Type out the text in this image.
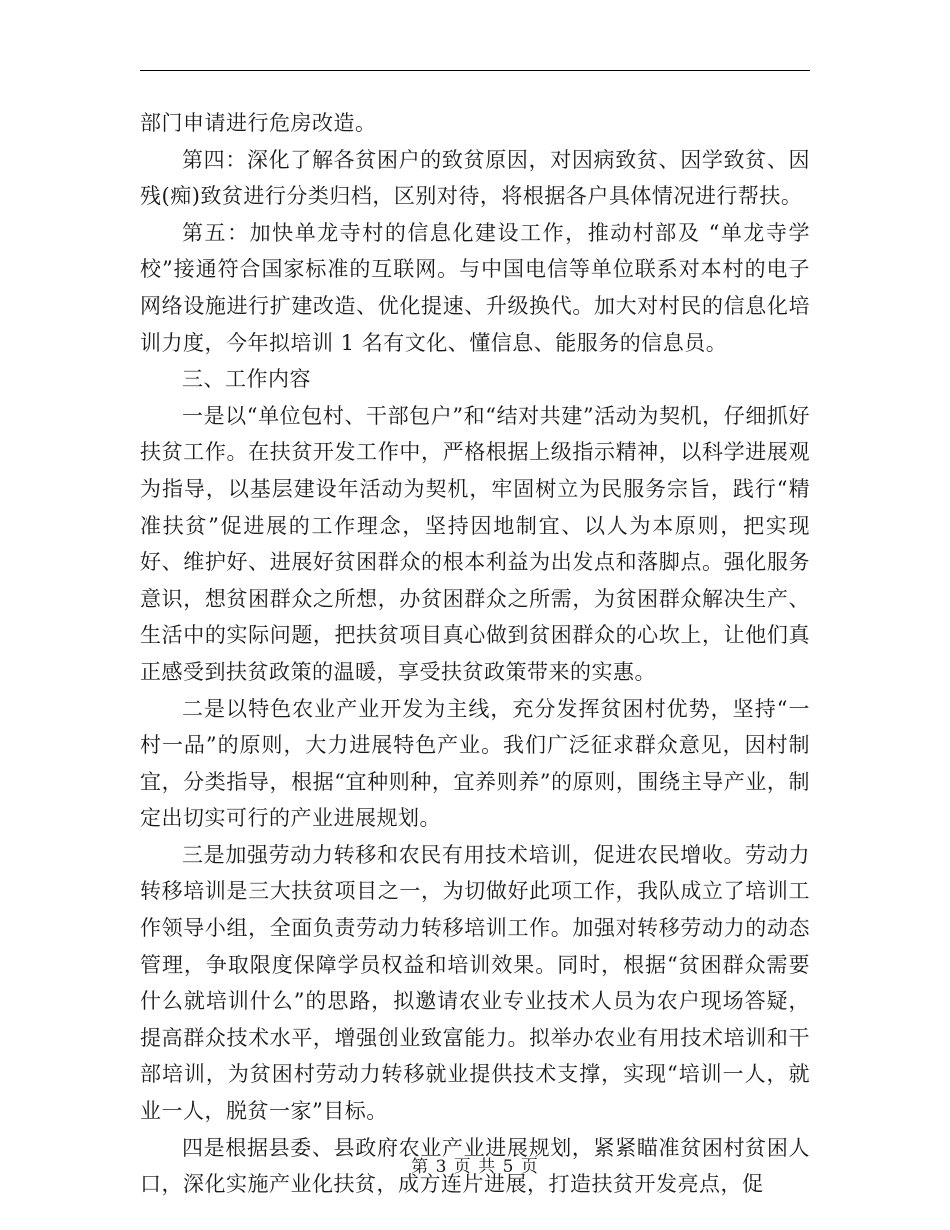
部门申请进行危房改造。

第四：深化了解各贫困户的致贫原因，对因病致贫、因学致贫、因残(痴)致贫进行分类归档，区别对待，将根据各户具体情况进行帮扶。

第五：加快单龙寺村的信息化建设工作，推动村部及 “单龙寺学校”接通符合国家标准的互联网。与中国电信等单位联系对本村的电子网络设施进行扩建改造、优化提速、升级换代。加大对村民的信息化培训力度，今年拟培训 1 名有文化、懂信息、能服务的信息员。

三、工作内容

一是以“单位包村、干部包户”和“结对共建”活动为契机，仔细抓好扶贫工作。在扶贫开发工作中，严格根据上级指示精神，以科学进展观为指导，以基层建设年活动为契机，牢固树立为民服务宗旨，践行“精准扶贫”促进展的工作理念，坚持因地制宜、以人为本原则，把实现好、维护好、进展好贫困群众的根本利益为出发点和落脚点。强化服务意识，想贫困群众之所想，办贫困群众之所需，为贫困群众解决生产、生活中的实际问题，把扶贫项目真心做到贫困群众的心坎上，让他们真正感受到扶贫政策的温暖，享受扶贫政策带来的实惠。

二是以特色农业产业开发为主线，充分发挥贫困村优势，坚持“一村一品”的原则，大力进展特色产业。我们广泛征求群众意见，因村制宜，分类指导，根据“宜种则种，宜养则养”的原则，围绕主导产业，制定出切实可行的产业进展规划。

三是加强劳动力转移和农民有用技术培训，促进农民增收。劳动力转移培训是三大扶贫项目之一，为切做好此项工作，我队成立了培训工作领导小组，全面负责劳动力转移培训工作。加强对转移劳动力的动态管理，争取限度保障学员权益和培训效果。同时，根据“贫困群众需要什么就培训什么”的思路，拟邀请农业专业技术人员为农户现场答疑，提高群众技术水平，增强创业致富能力。拟举办农业有用技术培训和干部培训，为贫困村劳动力转移就业提供技术支撑，实现“培训一人，就业一人，脱贫一家”目标。

四是根据县委、县政府农业产业进展规划，紧紧瞄准贫困村贫困人口，深化实施产业化扶贫，成方连片进展，打造扶贫开发亮点，促

第 3 页 共 5 页
